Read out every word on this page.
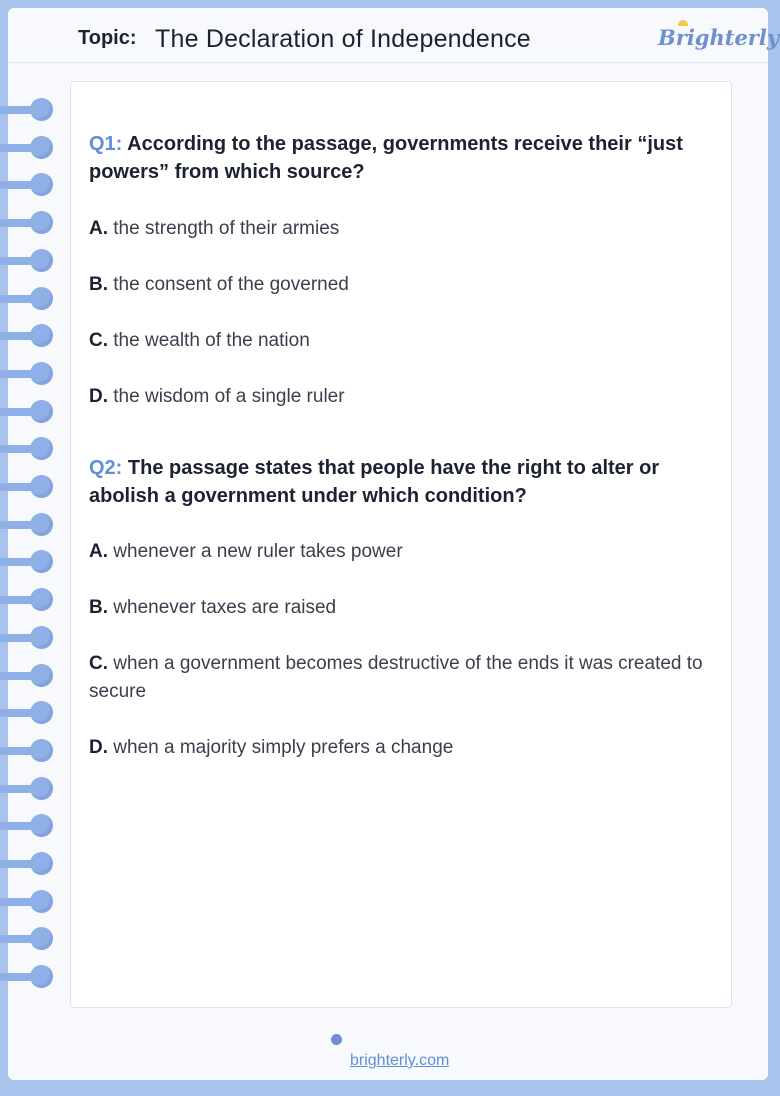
Topic: The Declaration of Independence	Brighterly
Q1: According to the passage, governments receive their “just powers” from which source?
A. the strength of their armies
B. the consent of the governed
C. the wealth of the nation
D. the wisdom of a single ruler
Q2: The passage states that people have the right to alter or abolish a government under which condition?
A. whenever a new ruler takes power
B. whenever taxes are raised
C. when a government becomes destructive of the ends it was created to secure
D. when a majority simply prefers a change
brighterly.com
